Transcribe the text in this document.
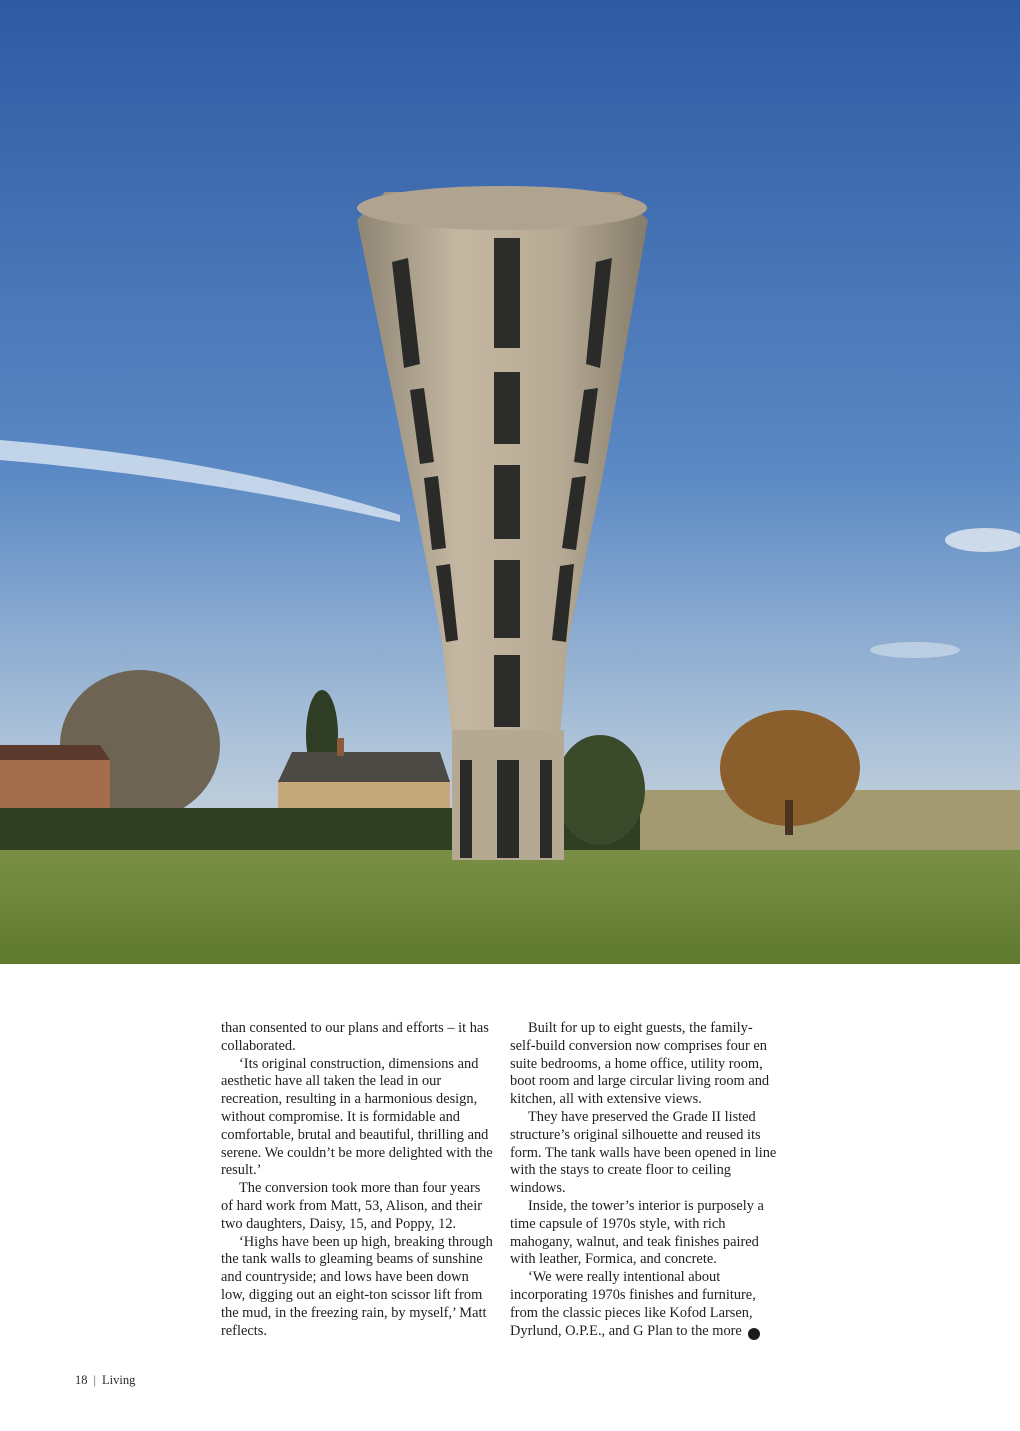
than consented to our plans and efforts – it has collaborated.

‘Its original construction, dimensions and aesthetic have all taken the lead in our recreation, resulting in a harmonious design, without compromise. It is formidable and comfortable, brutal and beautiful, thrilling and serene. We couldn’t be more delighted with the result.’

The conversion took more than four years of hard work from Matt, 53, Alison, and their two daughters, Daisy, 15, and Poppy, 12.

‘Highs have been up high, breaking through the tank walls to gleaming beams of sunshine and countryside; and lows have been down low, digging out an eight-ton scissor lift from the mud, in the freezing rain, by myself,’ Matt reflects.

Built for up to eight guests, the family-self-build conversion now comprises four en suite bedrooms, a home office, utility room, boot room and large circular living room and kitchen, all with extensive views.

They have preserved the Grade II listed structure’s original silhouette and reused its form. The tank walls have been opened in line with the stays to create floor to ceiling windows.

Inside, the tower’s interior is purposely a time capsule of 1970s style, with rich mahogany, walnut, and teak finishes paired with leather, Formica, and concrete.

‘We were really intentional about incorporating 1970s finishes and furniture, from the classic pieces like Kofod Larsen, Dyrlund, O.P.E., and G Plan to the more	➜

18 | Living
